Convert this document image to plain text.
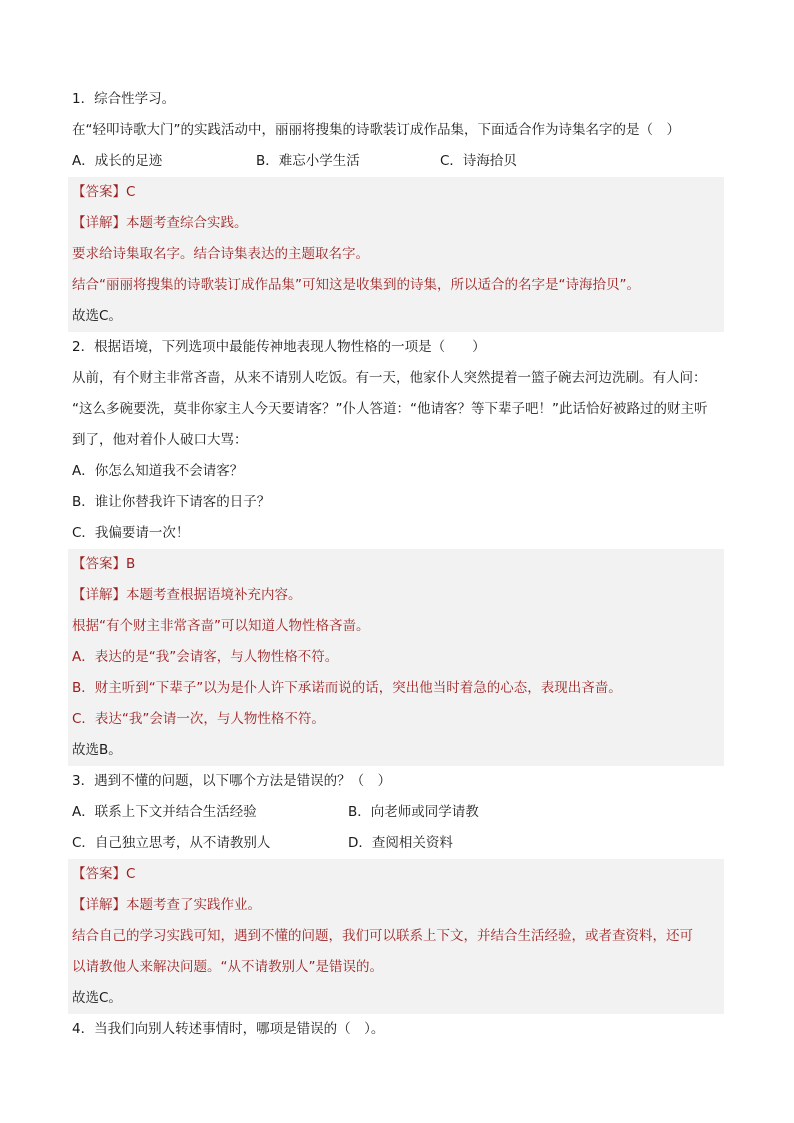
1．综合性学习。
在“轻叩诗歌大门”的实践活动中，丽丽将搜集的诗歌装订成作品集，下面适合作为诗集名字的是（　）
A．成长的足迹	B．难忘小学生活	C．诗海拾贝
【答案】C
【详解】本题考查综合实践。
要求给诗集取名字。结合诗集表达的主题取名字。
结合“丽丽将搜集的诗歌装订成作品集”可知这是收集到的诗集，所以适合的名字是“诗海拾贝”。
故选C。
2．根据语境，下列选项中最能传神地表现人物性格的一项是（　　）
从前，有个财主非常吝啬，从来不请别人吃饭。有一天，他家仆人突然提着一篮子碗去河边洗刷。有人问：
“这么多碗要洗，莫非你家主人今天要请客？”仆人答道：“他请客？等下辈子吧！”此话恰好被路过的财主听
到了，他对着仆人破口大骂：
A．你怎么知道我不会请客？
B．谁让你替我许下请客的日子？
C．我偏要请一次！
【答案】B
【详解】本题考查根据语境补充内容。
根据“有个财主非常吝啬”可以知道人物性格吝啬。
A．表达的是“我”会请客，与人物性格不符。
B．财主听到“下辈子”以为是仆人许下承诺而说的话，突出他当时着急的心态，表现出吝啬。
C．表达“我”会请一次，与人物性格不符。
故选B。
3．遇到不懂的问题，以下哪个方法是错误的？（　）
A．联系上下文并结合生活经验	B．向老师或同学请教
C．自己独立思考，从不请教别人	D．查阅相关资料
【答案】C
【详解】本题考查了实践作业。
结合自己的学习实践可知，遇到不懂的问题，我们可以联系上下文，并结合生活经验，或者查资料，还可
以请教他人来解决问题。“从不请教别人”是错误的。
故选C。
4．当我们向别人转述事情时，哪项是错误的（　）。
